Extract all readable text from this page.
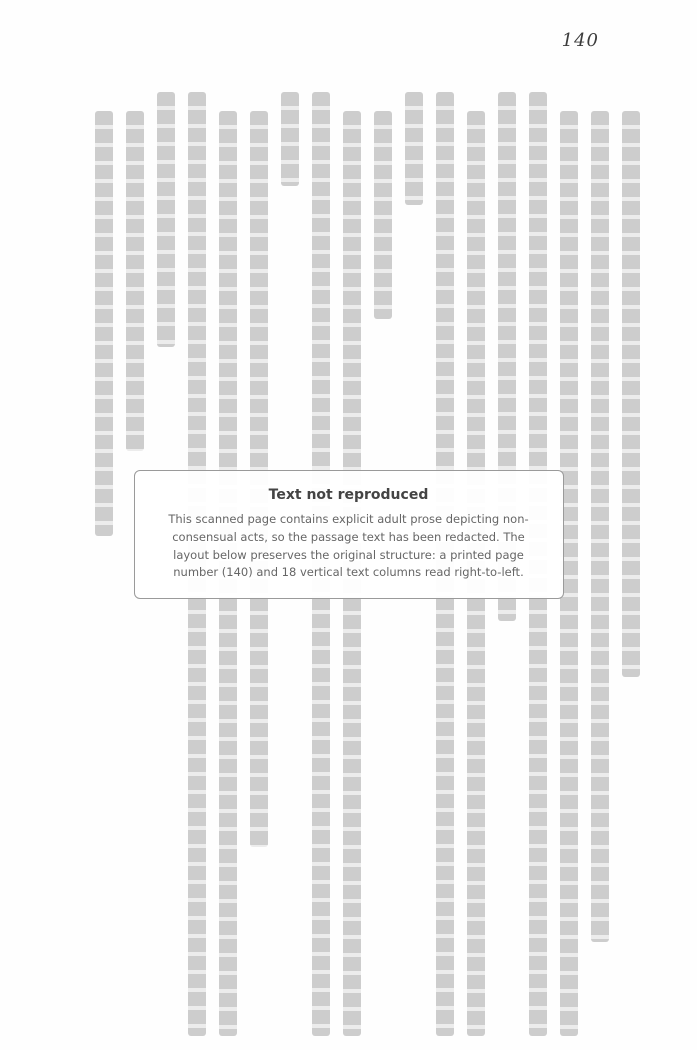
140
Text not reproduced
This scanned page contains explicit adult prose depicting non-consensual acts, so the passage text has been redacted. The layout below preserves the original structure: a printed page number (140) and 18 vertical text columns read right-to-left.
